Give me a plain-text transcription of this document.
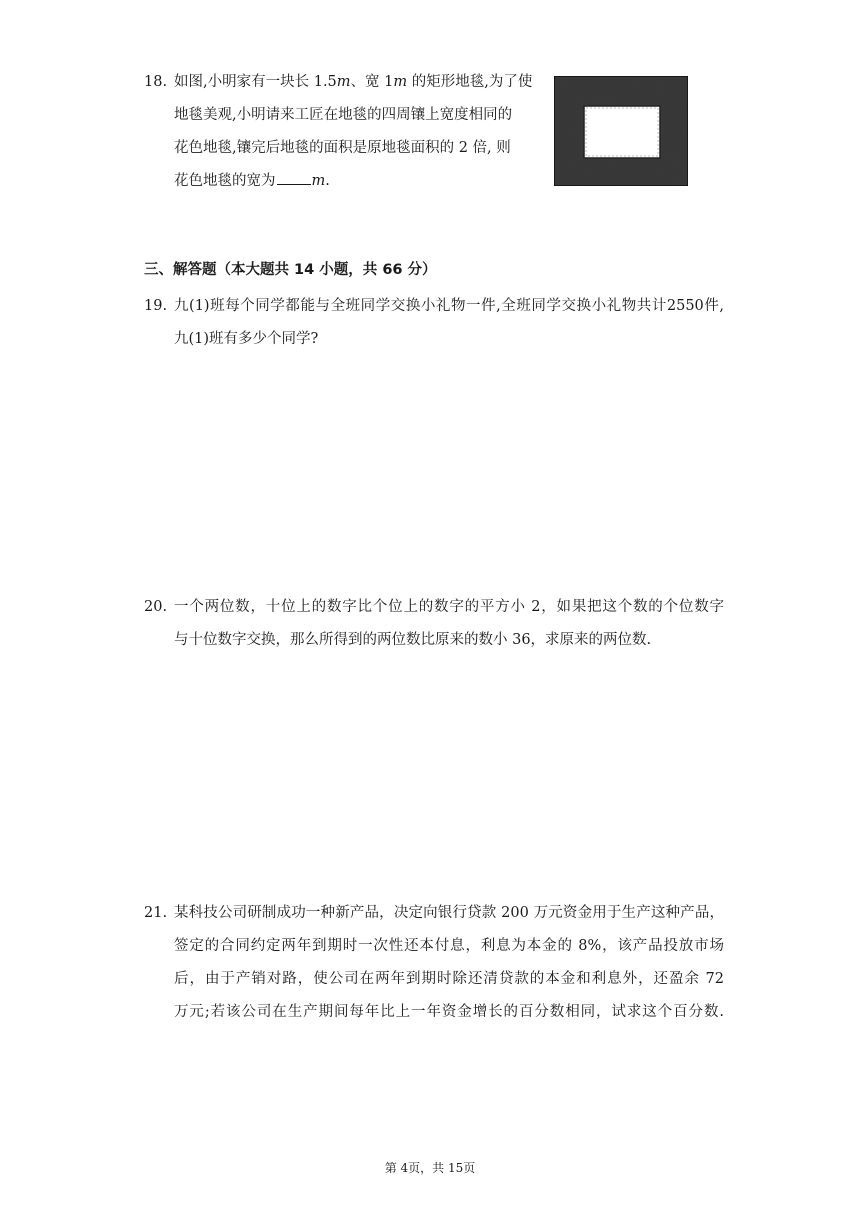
18. 如图,小明家有一块长 1.5m、宽 1m 的矩形地毯,为了使
地毯美观,小明请来工匠在地毯的四周镶上宽度相同的
花色地毯,镶完后地毯的面积是原地毯面积的 2 倍, 则
花色地毯的宽为 m.
三、解答题（本大题共 14 小题，共 66 分）
19. 九(1)班每个同学都能与全班同学交换小礼物一件,全班同学交换小礼物共计2550件,
九(1)班有多少个同学?
20. 一个两位数，十位上的数字比个位上的数字的平方小 2，如果把这个数的个位数字
与十位数字交换，那么所得到的两位数比原来的数小 36，求原来的两位数.
21. 某科技公司研制成功一种新产品，决定向银行贷款 200 万元资金用于生产这种产品，
签定的合同约定两年到期时一次性还本付息，利息为本金的 8%，该产品投放市场
后，由于产销对路，使公司在两年到期时除还清贷款的本金和利息外，还盈余 72
万元;若该公司在生产期间每年比上一年资金增长的百分数相同，试求这个百分数.
第 4页，共 15页
